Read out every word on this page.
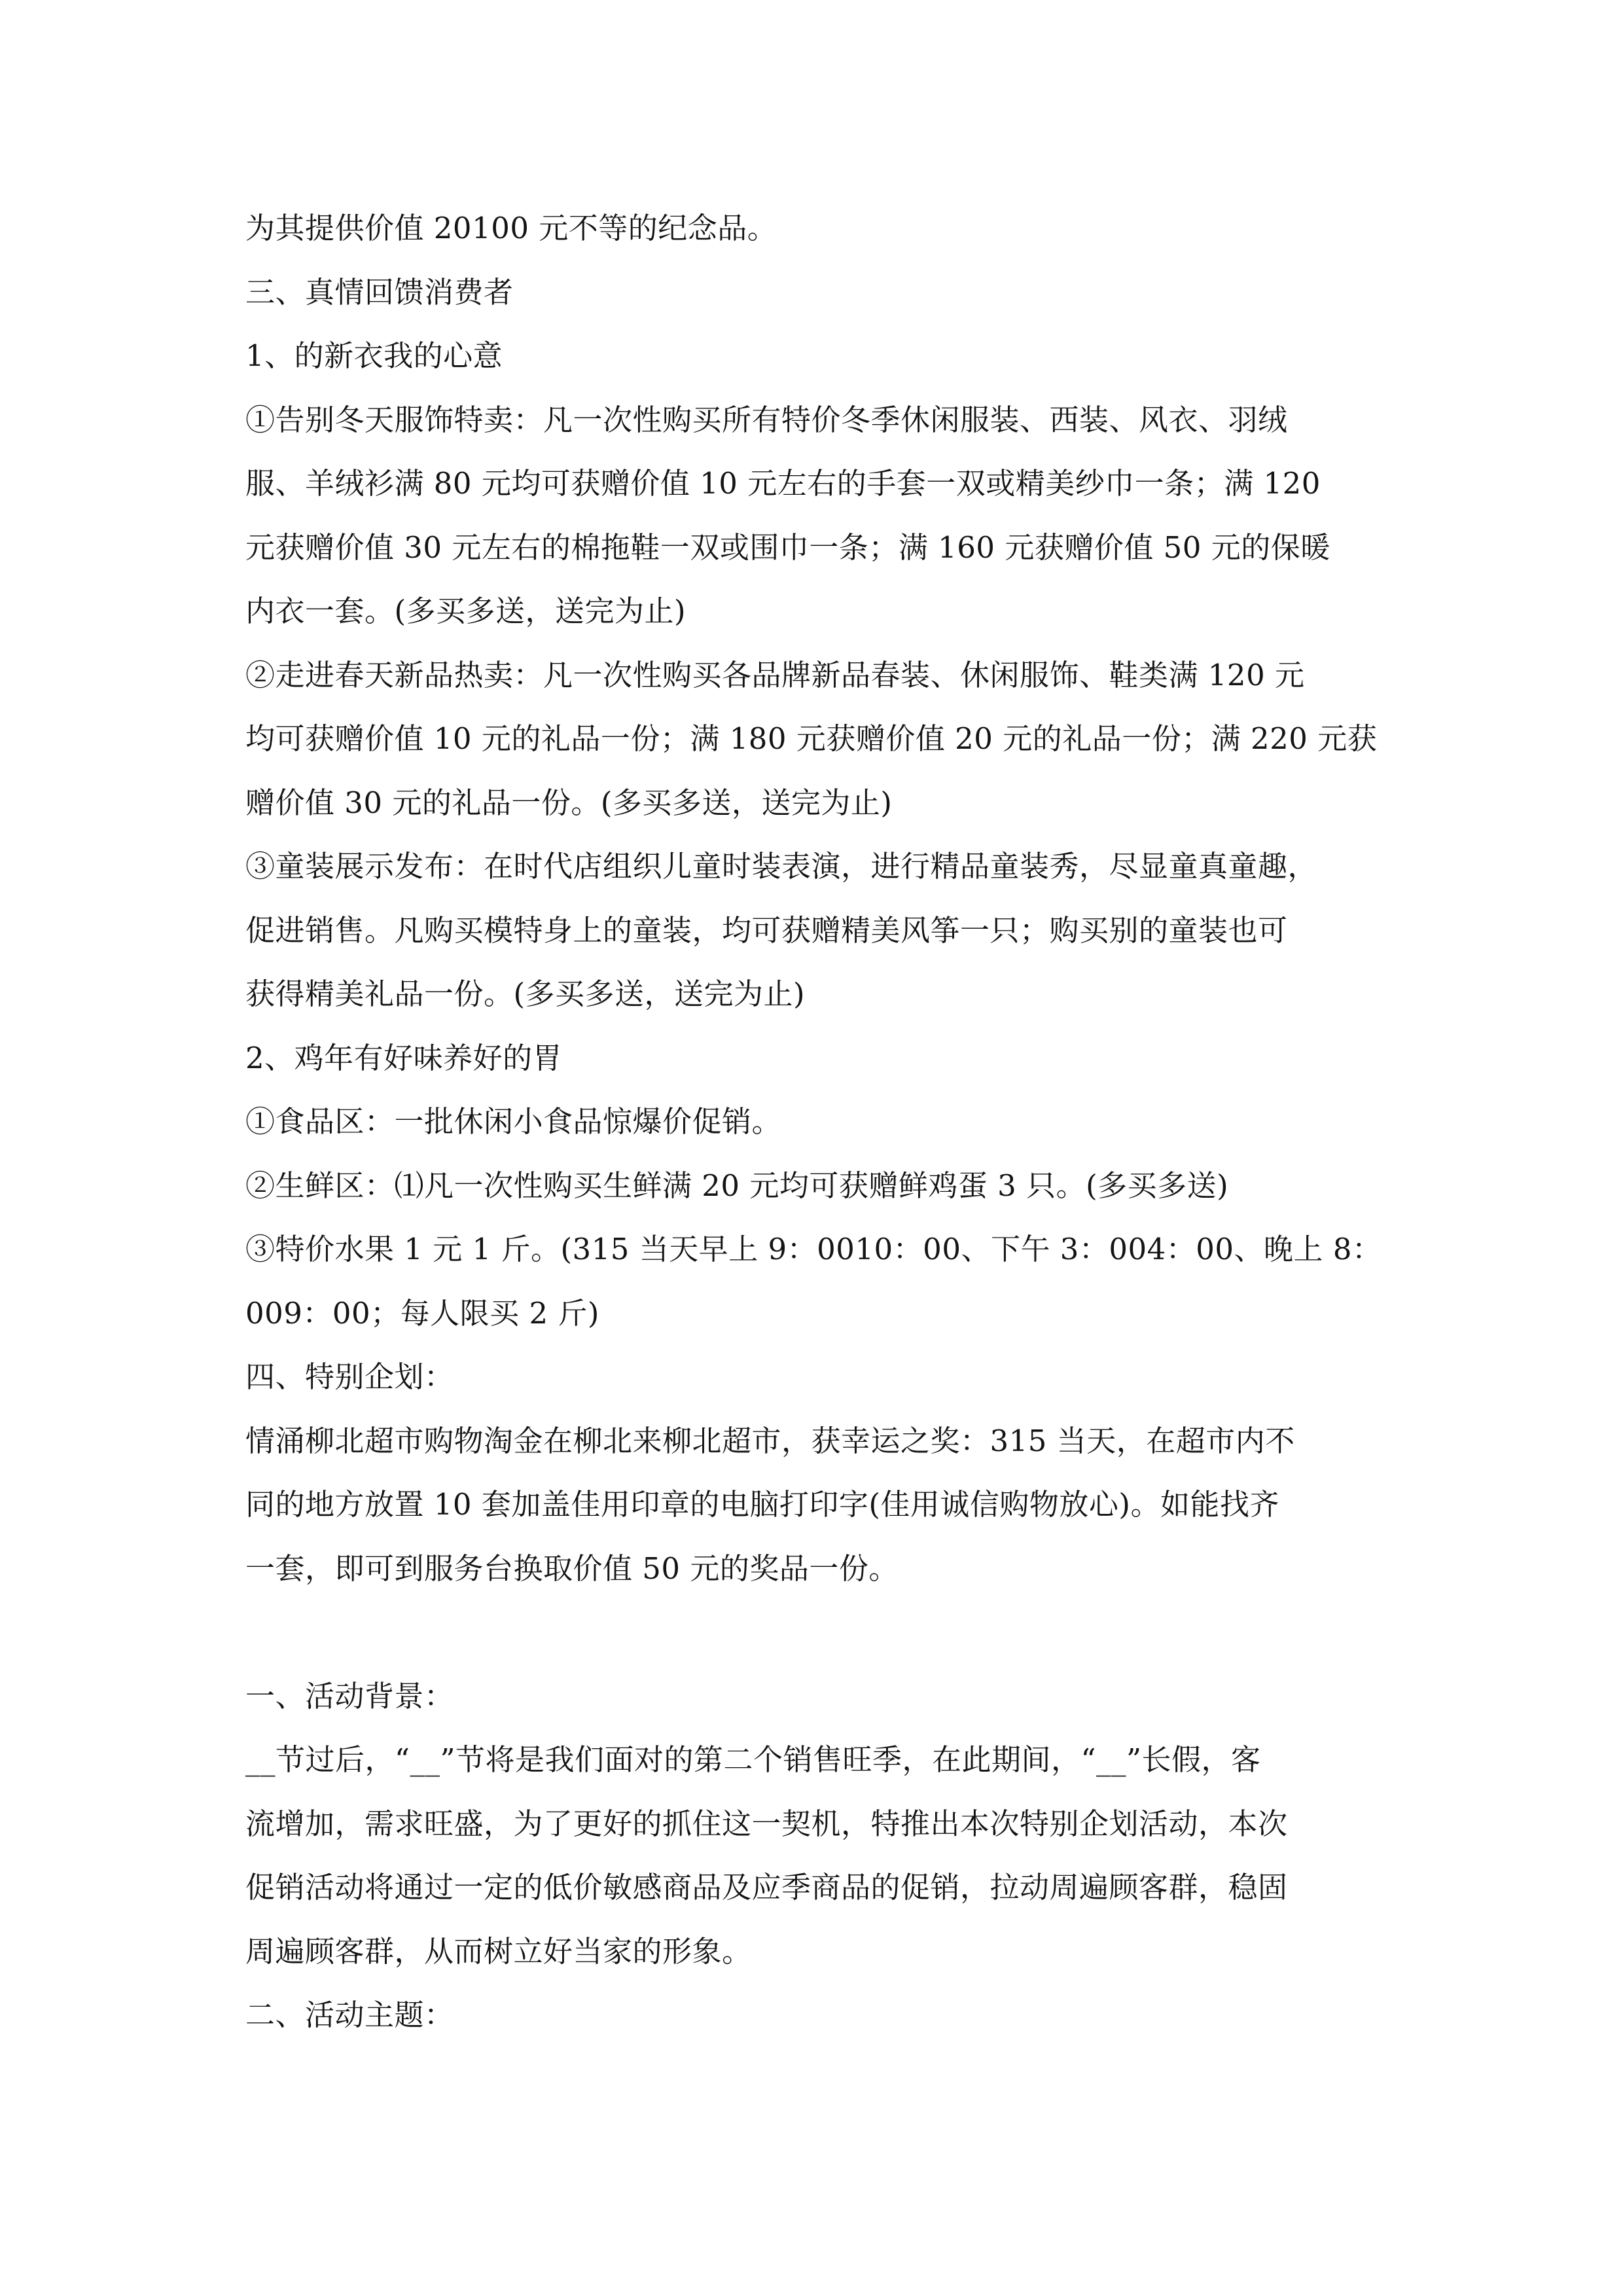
为其提供价值 20100 元不等的纪念品。
三、真情回馈消费者
1、的新衣我的心意
①告别冬天服饰特卖：凡一次性购买所有特价冬季休闲服装、西装、风衣、羽绒
服、羊绒衫满 80 元均可获赠价值 10 元左右的手套一双或精美纱巾一条；满 120
元获赠价值 30 元左右的棉拖鞋一双或围巾一条；满 160 元获赠价值 50 元的保暖
内衣一套。(多买多送，送完为止)
②走进春天新品热卖：凡一次性购买各品牌新品春装、休闲服饰、鞋类满 120 元
均可获赠价值 10 元的礼品一份；满 180 元获赠价值 20 元的礼品一份；满 220 元获
赠价值 30 元的礼品一份。(多买多送，送完为止)
③童装展示发布：在时代店组织儿童时装表演，进行精品童装秀，尽显童真童趣，
促进销售。凡购买模特身上的童装，均可获赠精美风筝一只；购买别的童装也可
获得精美礼品一份。(多买多送，送完为止)
2、鸡年有好味养好的胃
①食品区：一批休闲小食品惊爆价促销。
②生鲜区：⑴凡一次性购买生鲜满 20 元均可获赠鲜鸡蛋 3 只。(多买多送)
③特价水果 1 元 1 斤。(315 当天早上 9：0010：00、下午 3：004：00、晚上 8：
009：00；每人限买 2 斤)
四、特别企划：
情涌柳北超市购物淘金在柳北来柳北超市，获幸运之奖：315 当天，在超市内不
同的地方放置 10 套加盖佳用印章的电脑打印字(佳用诚信购物放心)。如能找齐
一套，即可到服务台换取价值 50 元的奖品一份。
一、活动背景：
__节过后，“__”节将是我们面对的第二个销售旺季，在此期间，“__”长假，客
流增加，需求旺盛，为了更好的抓住这一契机，特推出本次特别企划活动，本次
促销活动将通过一定的低价敏感商品及应季商品的促销，拉动周遍顾客群，稳固
周遍顾客群，从而树立好当家的形象。
二、活动主题：
